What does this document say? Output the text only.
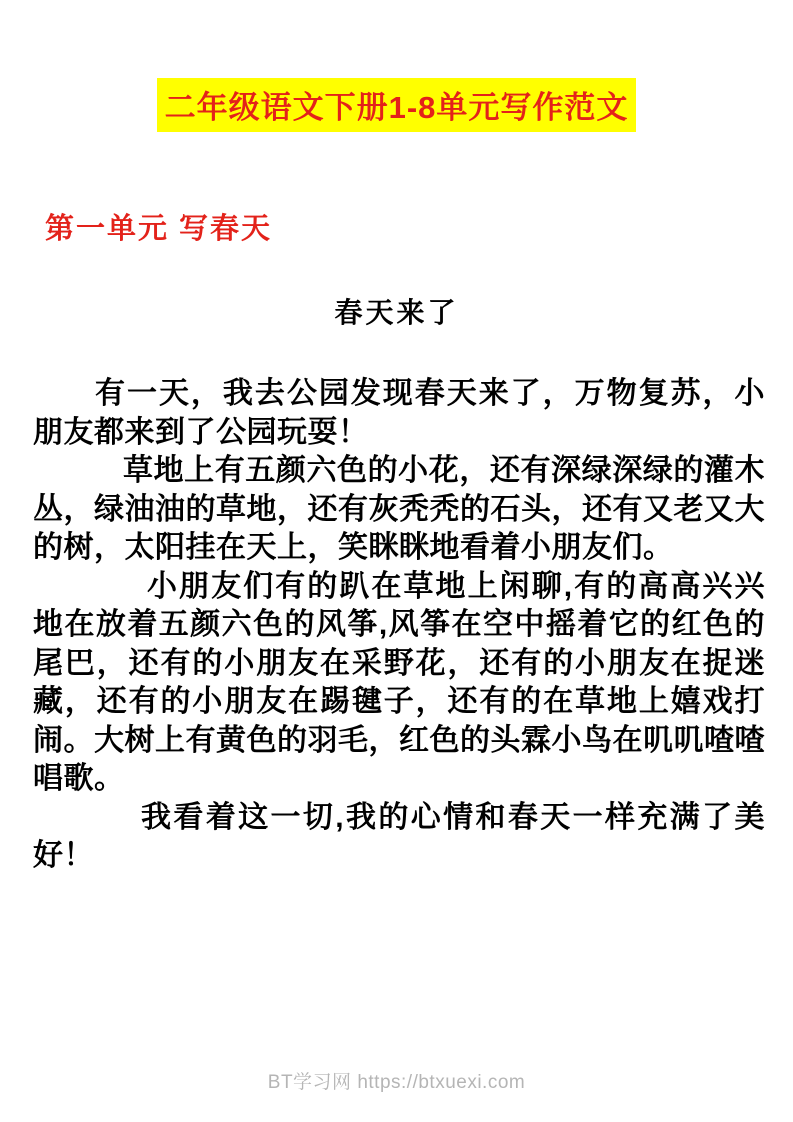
二年级语文下册1-8单元写作范文
第一单元 写春天
春天来了

有一天，我去公园发现春天来了，万物复苏，小朋友都来到了公园玩耍！

草地上有五颜六色的小花，还有深绿深绿的灌木丛，绿油油的草地，还有灰秃秃的石头，还有又老又大的树，太阳挂在天上，笑眯眯地看着小朋友们。

小朋友们有的趴在草地上闲聊,有的高高兴兴地在放着五颜六色的风筝,风筝在空中摇着它的红色的尾巴，还有的小朋友在采野花，还有的小朋友在捉迷藏，还有的小朋友在踢毽子，还有的在草地上嬉戏打闹。大树上有黄色的羽毛，红色的头霖小鸟在叽叽喳喳唱歌。

我看着这一切,我的心情和春天一样充满了美好！

BT学习网 https://btxuexi.com
